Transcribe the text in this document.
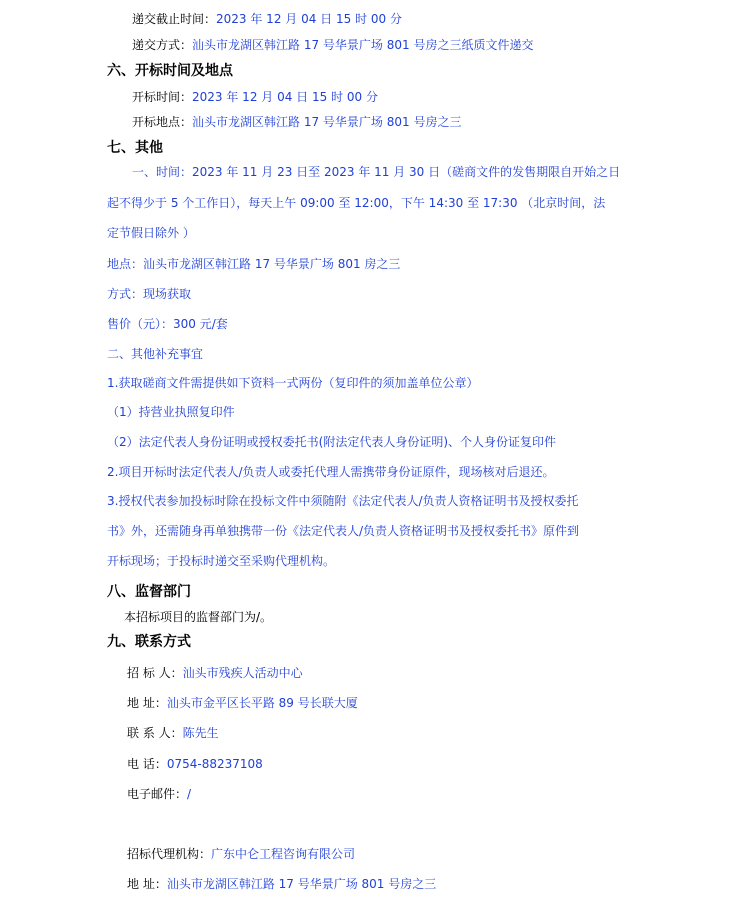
递交截止时间：2023 年 12 月 04 日 15 时 00 分
递交方式：汕头市龙湖区韩江路 17 号华景广场 801 号房之三纸质文件递交
六、开标时间及地点
开标时间：2023 年 12 月 04 日 15 时 00 分
开标地点：汕头市龙湖区韩江路 17 号华景广场 801 号房之三
七、其他
一、时间：2023 年 11 月 23 日至 2023 年 11 月 30 日（磋商文件的发售期限自开始之日
起不得少于 5 个工作日），每天上午 09:00 至 12:00，下午 14:30 至 17:30 （北京时间，法
定节假日除外 ）
地点：汕头市龙湖区韩江路 17 号华景广场 801 房之三
方式：现场获取
售价（元）：300 元/套
二、其他补充事宜
1.获取磋商文件需提供如下资料一式两份（复印件的须加盖单位公章）
（1）持营业执照复印件
（2）法定代表人身份证明或授权委托书(附法定代表人身份证明)、个人身份证复印件
2.项目开标时法定代表人/负责人或委托代理人需携带身份证原件，现场核对后退还。
3.授权代表参加投标时除在投标文件中须随附《法定代表人/负责人资格证明书及授权委托
书》外，还需随身再单独携带一份《法定代表人/负责人资格证明书及授权委托书》原件到
开标现场；于投标时递交至采购代理机构。
八、监督部门
本招标项目的监督部门为/。
九、联系方式
招 标 人：汕头市残疾人活动中心
地 址：汕头市金平区长平路 89 号长联大厦
联 系 人：陈先生
电 话：0754-88237108
电子邮件：/
招标代理机构：广东中仑工程咨询有限公司
地 址：汕头市龙湖区韩江路 17 号华景广场 801 号房之三
